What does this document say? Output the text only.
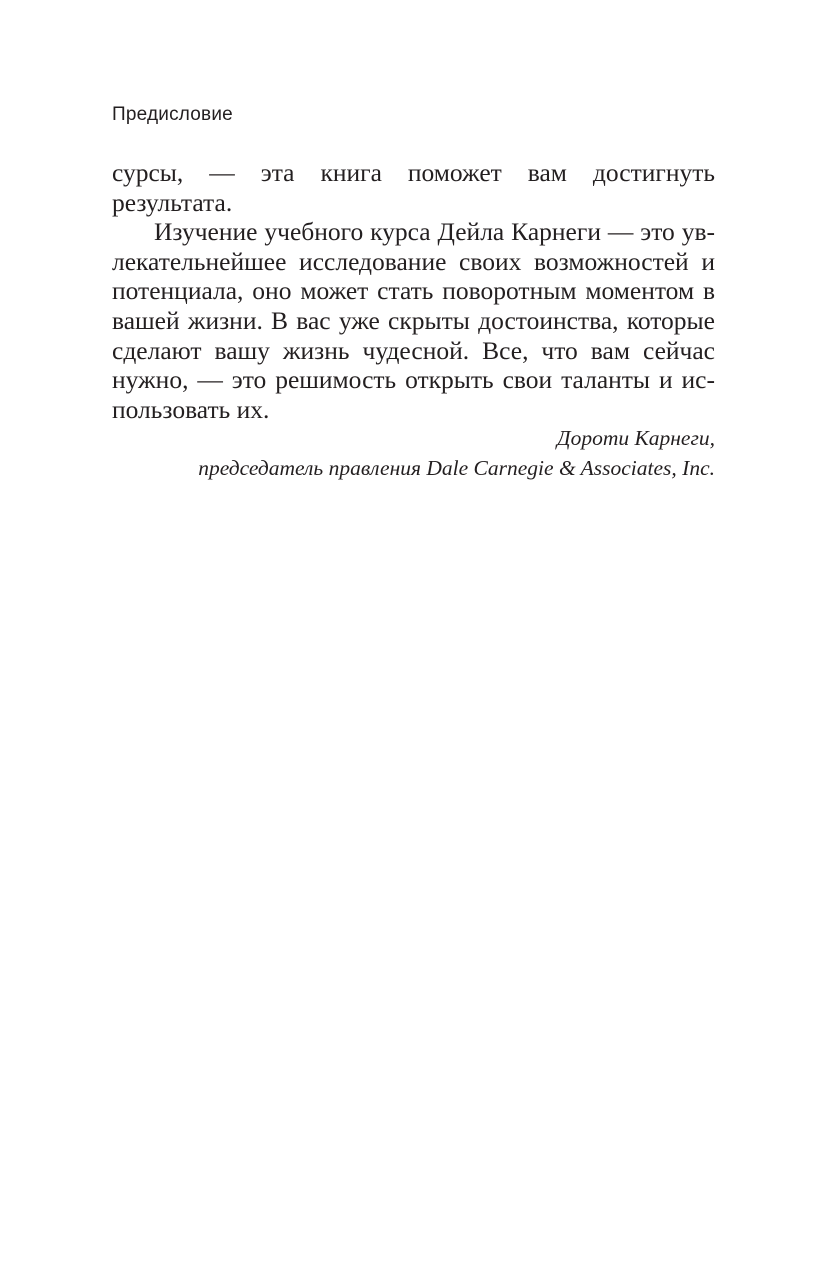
Предисловие
сурсы, — эта книга поможет вам достигнуть
результата.
Изучение учебного курса Дейла Карнеги — это ув-
лекательнейшее исследование своих возможностей и
потенциала, оно может стать поворотным моментом в
вашей жизни. В вас уже скрыты достоинства, которые
сделают вашу жизнь чудесной. Все, что вам сейчас
нужно, — это решимость открыть свои таланты и ис-
пользовать их.
Дороти Карнеги,
председатель правления Dale Carnegie & Associates, Inc.
